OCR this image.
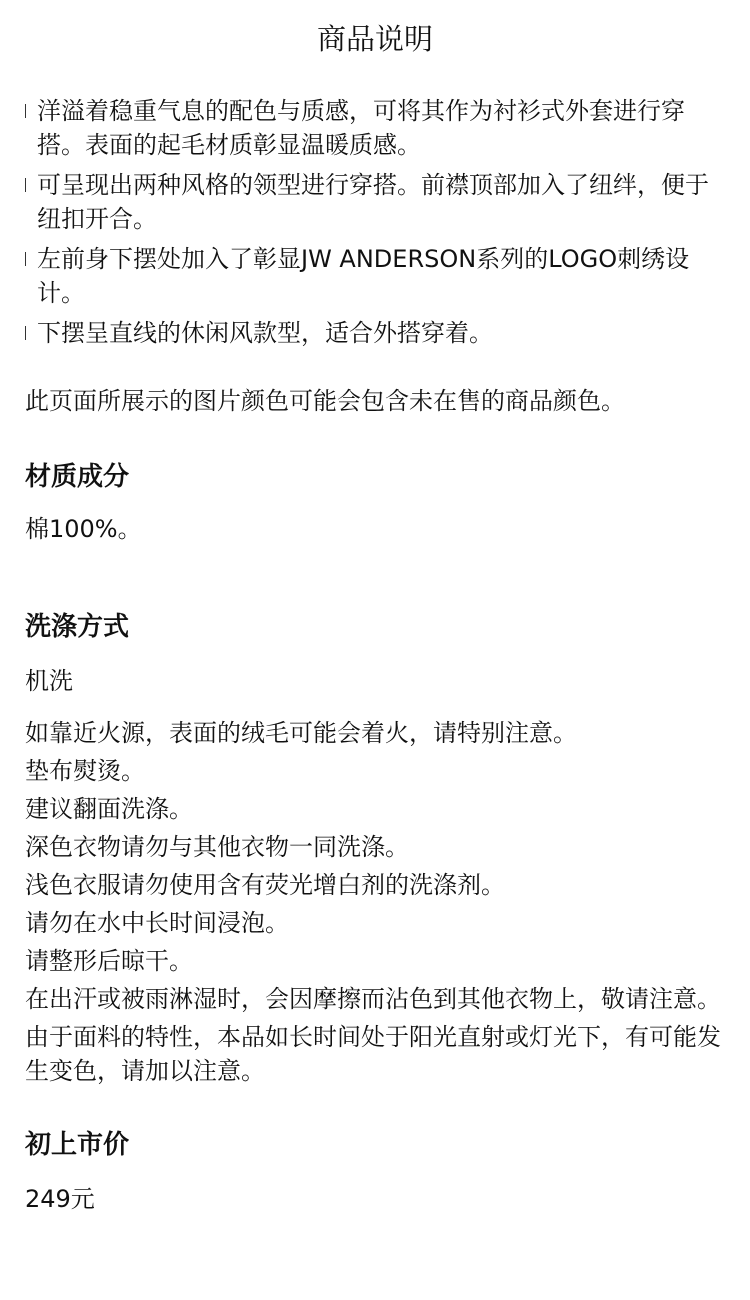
商品说明
洋溢着稳重气息的配色与质感，可将其作为衬衫式外套进行穿搭。表面的起毛材质彰显温暖质感。
可呈现出两种风格的领型进行穿搭。前襟顶部加入了纽绊，便于纽扣开合。
左前身下摆处加入了彰显JW ANDERSON系列的LOGO刺绣设计。
下摆呈直线的休闲风款型，适合外搭穿着。

此页面所展示的图片颜色可能会包含未在售的商品颜色。

材质成分

棉100%。

洗涤方式

机洗

如靠近火源，表面的绒毛可能会着火，请特别注意。
垫布熨烫。
建议翻面洗涤。
深色衣物请勿与其他衣物一同洗涤。
浅色衣服请勿使用含有荧光增白剂的洗涤剂。
请勿在水中长时间浸泡。
请整形后晾干。
在出汗或被雨淋湿时，会因摩擦而沾色到其他衣物上，敬请注意。
由于面料的特性，本品如长时间处于阳光直射或灯光下，有可能发生变色，请加以注意。
初上市价

249元
